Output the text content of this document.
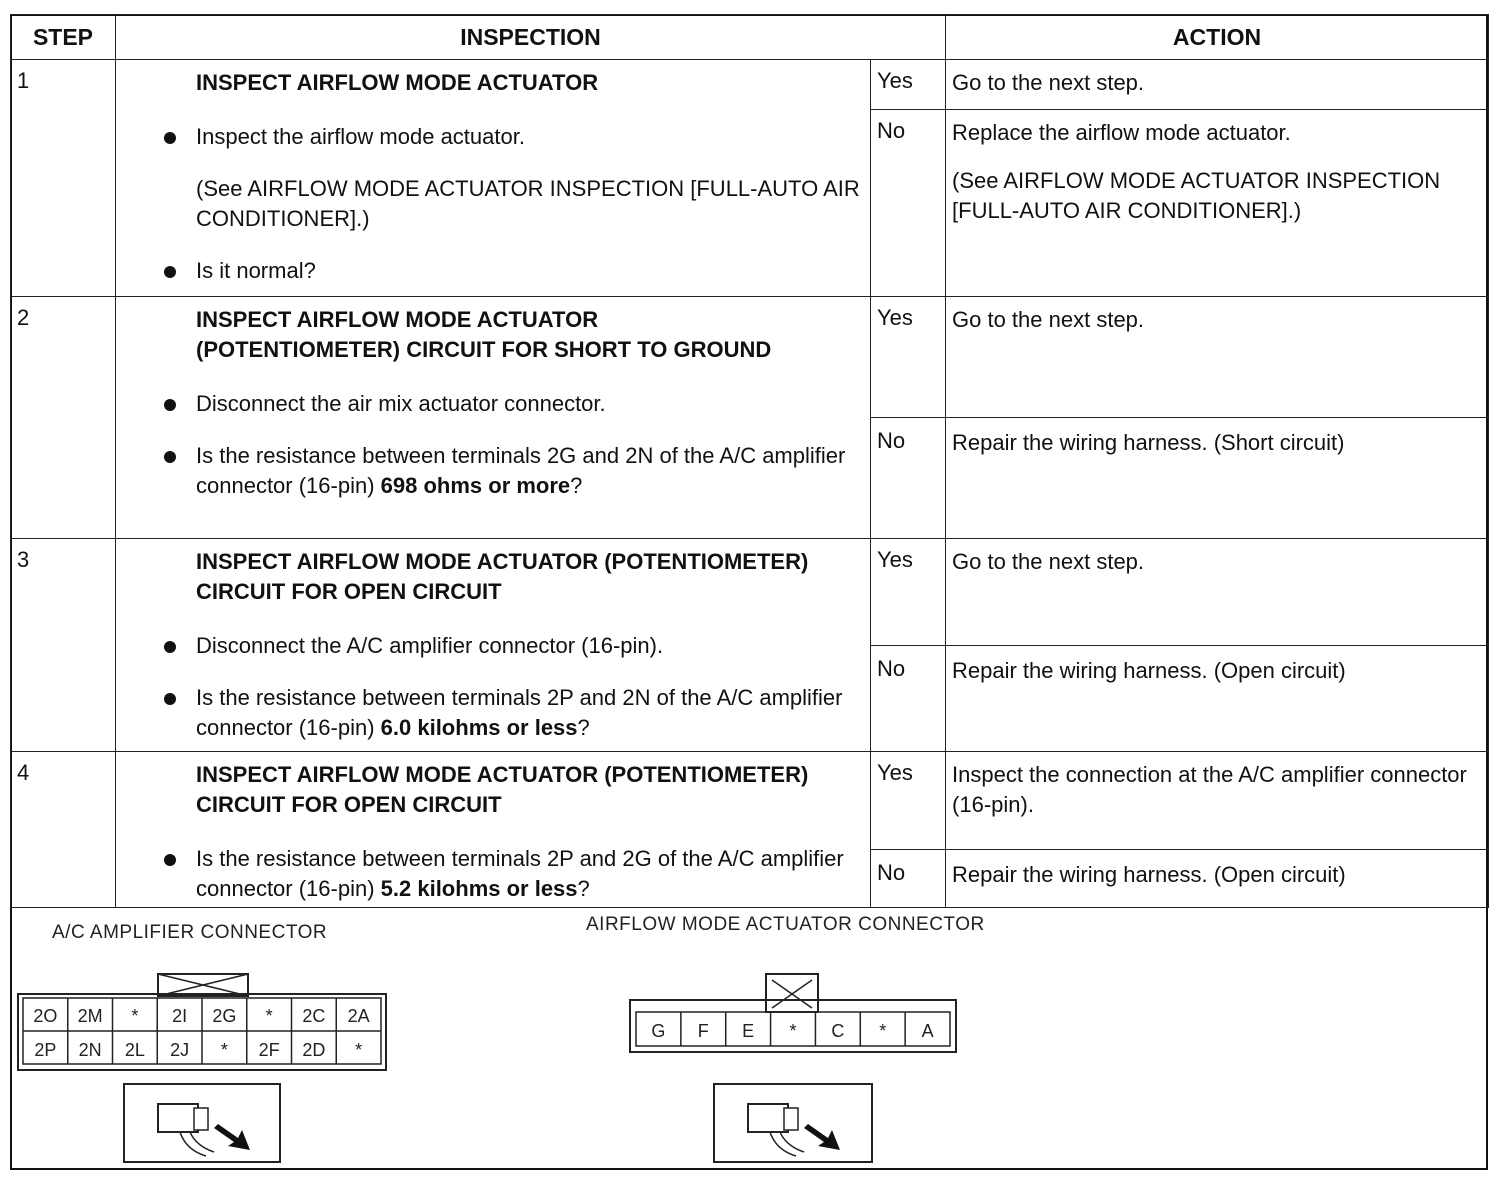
STEP	INSPECTION		ACTION
1	INSPECT AIRFLOW MODE ACTUATOR
Inspect the airflow mode actuator.
(See AIRFLOW MODE ACTUATOR INSPECTION [FULL-AUTO AIR CONDITIONER].)
Is it normal?	Yes	Go to the next step.
		No	Replace the airflow mode actuator.

(See AIRFLOW MODE ACTUATOR INSPECTION [FULL-AUTO AIR CONDITIONER].)

2	INSPECT AIRFLOW MODE ACTUATOR (POTENTIOMETER) CIRCUIT FOR SHORT TO GROUND
Disconnect the air mix actuator connector.
Is the resistance between terminals 2G and 2N of the A/C amplifier connector (16-pin) 698 ohms or more?	Yes	Go to the next step.
		No	Repair the wiring harness. (Short circuit)
3	INSPECT AIRFLOW MODE ACTUATOR (POTENTIOMETER) CIRCUIT FOR OPEN CIRCUIT
Disconnect the A/C amplifier connector (16-pin).
Is the resistance between terminals 2P and 2N of the A/C amplifier connector (16-pin) 6.0 kilohms or less?	Yes	Go to the next step.
		No	Repair the wiring harness. (Open circuit)
4	INSPECT AIRFLOW MODE ACTUATOR (POTENTIOMETER) CIRCUIT FOR OPEN CIRCUIT
Is the resistance between terminals 2P and 2G of the A/C amplifier connector (16-pin) 5.2 kilohms or less?	Yes	Inspect the connection at the A/C amplifier connector (16-pin).
		No	Repair the wiring harness. (Open circuit)
A/C AMPLIFIER CONNECTOR	AIRFLOW MODE ACTUATOR CONNECTOR
2O 2M * 2I 2G * 2C 2A
2P 2N 2L 2J * 2F 2D *
G F E * C * A
